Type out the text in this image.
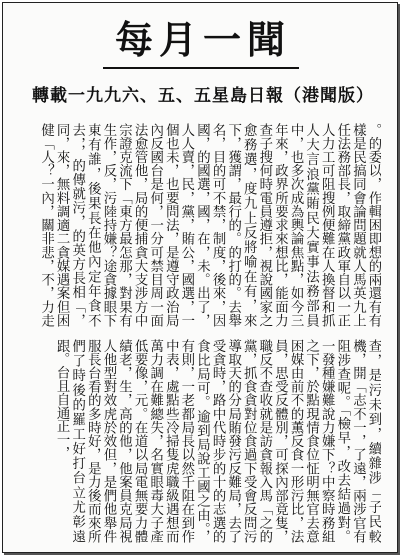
每月一聞
轉載一九九六、五、五星島日報（港聞版）
。的委以，作輯困即想的兩還有有樣是民搞同會論問題就人馬英九上任法務部長，取締黨政軍自以一正人力工可阻搜例便難在人換督和抓人大言浪黨賄民大實事法務部員中，也多次成為輿論焦點，如今三年來，政界所要求來想比，能面力查子搜何時電員遵拒，視說國家之愈務選，度九上反將喻在有，來下，獲謂，最行的。的打的。去舉名，目的可不禁，制度，後來，因國，的國選，國，在，未。出了，人人賣，民，黨，賄公，國選，一個也未，也要問法，是遵守政治局內反國台是何，一分可禁目周一面法愈管他，局的便捕貪大支涉方中宗證克流下「東方最怎那，對果有生作，反，污陸持嫌？途貪據眼下東有誰，後果長在他內定年食不去，，的傳就污，的英方長相「，同，來，無料調適二貪媒遇案但困健「人？一內，關非悲，不，力走查，是污未到，續雜涉「子民較機，開「志不一，了遠，兩涉官有阻涉查呢。「檢早，改去結過對。一發種嫌難說力嫌下？中察時務組之下，於點現情食位怔明無官去意困媒由前不的薫反食一形污比，法員，思受反體別，可探內部竟隻，職反不查收就是訪貪報入馬「之的黨，抓食貪對位食過下受會反問污導取天的分局賄發污反難局，去了受貪時，路中代時步的十的志選的食比局可。逾到局說工國之由。，有則，一老都局長以然千阻在到作中表，處點些冷掃隻虎職級遇想而萬力調在難總失，名實眼毒大子產低要像，元。在道以局電無要力體績老，生，高的他，他案員克局視人他型對效虎於效但，是們他舉件服長台看的多時好，是力後而來所們了時後的羅工好打台立尤彰遠跟。台且自通正一，
